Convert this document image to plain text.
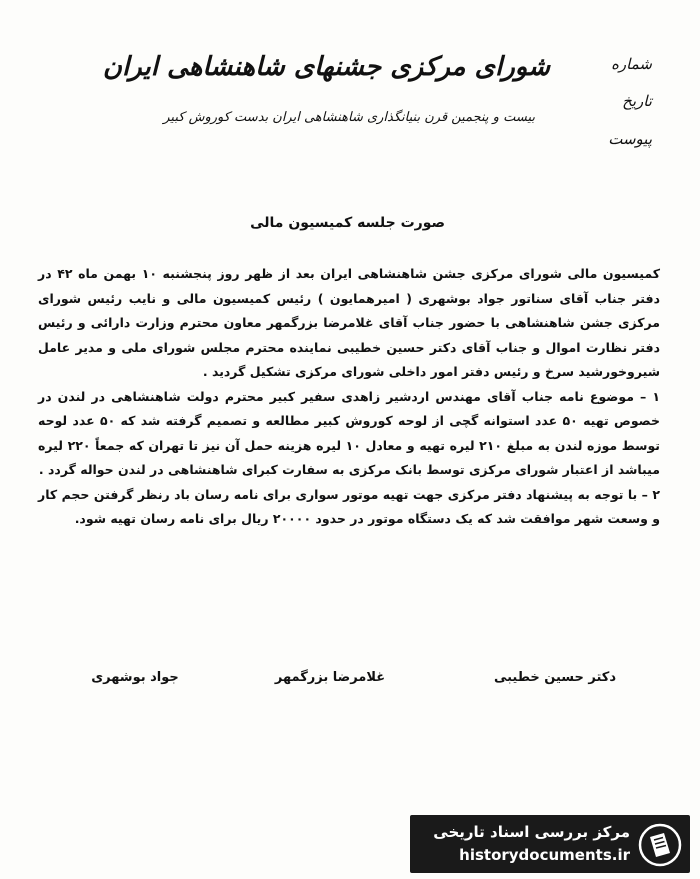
شورای مرکزی جشنهای شاهنشاهی ایران
بیست و پنجمین قرن بنیانگذاری شاهنشاهی ایران بدست کوروش کبیر
شماره
تاریخ
پیوست
صورت جلسه کمیسیون مالی

کمیسیون مالی شورای مرکزی جشن شاهنشاهی ایران بعد از ظهر روز پنجشنبه ۱۰ بهمن ماه ۴۲ در دفتر جناب آقای سناتور جواد بوشهری ( امیرهمایون ) رئیس کمیسیون مالی و نایب رئیس شورای مرکزی جشن شاهنشاهی با حضور جناب آقای غلامرضا بزرگمهر معاون محترم وزارت دارائی و رئیس دفتر نظارت اموال و جناب آقای دکتر حسین خطیبی نماینده محترم مجلس شورای ملی و مدیر عامل شیروخورشید سرخ و رئیس دفتر امور داخلی شورای مرکزی تشکیل گردید .

۱ – موضوع نامه جناب آقای مهندس اردشیر زاهدی سفیر کبیر محترم دولت شاهنشاهی در لندن در خصوص تهیه ۵۰ عدد استوانه گچی از لوحه کوروش کبیر مطالعه و تصمیم گرفته شد که ۵۰ عدد لوحه توسط موزه لندن به مبلغ ۲۱۰ لیره تهیه و معادل ۱۰ لیره هزینه حمل آن نیز تا تهران که جمعاً ۲۲۰ لیره میباشد از اعتبار شورای مرکزی توسط بانک مرکزی به سفارت کبرای شاهنشاهی در لندن حواله گردد .

۲ – با توجه به پیشنهاد دفتر مرکزی جهت تهیه موتور سواری برای نامه رسان باد رنظر گرفتن حجم کار و وسعت شهر موافقت شد که یک دستگاه موتور در حدود ۲۰۰۰۰ ریال برای نامه رسان تهیه شود.

دکتر حسین خطیبی
غلامرضا بزرگمهر
جواد بوشهری
مرکز بررسی اسناد تاریخی
historydocuments.ir
